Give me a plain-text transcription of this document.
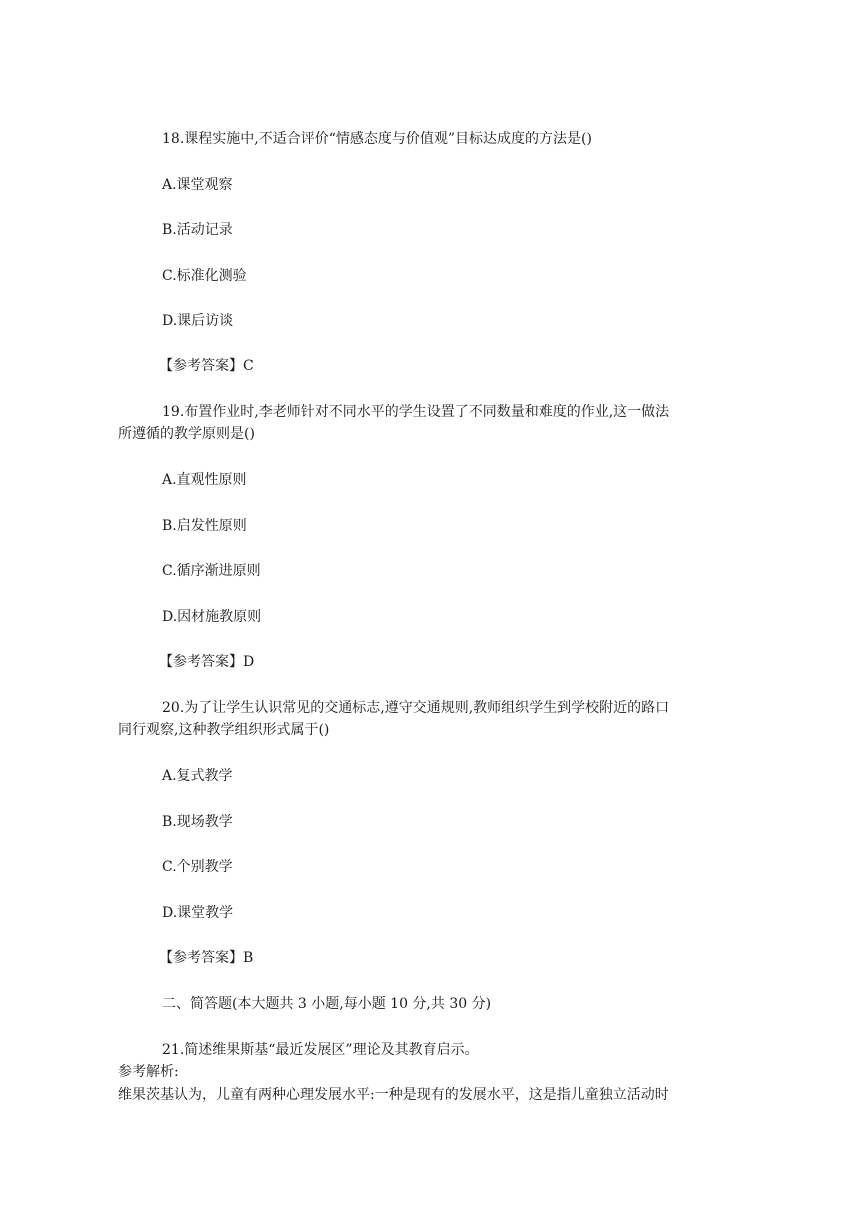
18.课程实施中,不适合评价“情感态度与价值观”目标达成度的方法是()
A.课堂观察
B.活动记录
C.标准化测验
D.课后访谈
【参考答案】C
19.布置作业时,李老师针对不同水平的学生设置了不同数量和难度的作业,这一做法
所遵循的教学原则是()
A.直观性原则
B.启发性原则
C.循序渐进原则
D.因材施教原则
【参考答案】D
20.为了让学生认识常见的交通标志,遵守交通规则,教师组织学生到学校附近的路口
同行观察,这种教学组织形式属于()
A.复式教学
B.现场教学
C.个别教学
D.课堂教学
【参考答案】B
二、简答题(本大题共 3 小题,每小题 10 分,共 30 分)
21.简述维果斯基“最近发展区”理论及其教育启示。
参考解析:
维果茨基认为，儿童有两种心理发展水平:一种是现有的发展水平，这是指儿童独立活动时
